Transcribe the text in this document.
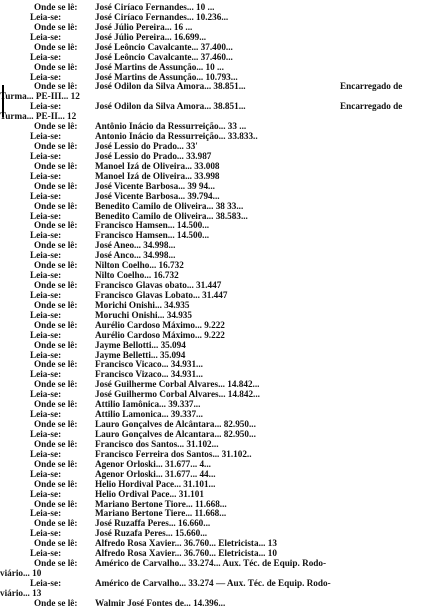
Onde se lê: José Ciríaco Fernandes... 10 ...
Leia-se:	José Ciríaco Fernandes... 10.236...
Onde se lê: José Júlio Pereira... 16 ...
Leia-se:	José Júlio Pereira... 16.699...
Onde se lê: José Leôncio Cavalcante... 37.400...
Leia-se:	José Leôncio Cavalcante... 37.460...
Onde se lê: José Martins de Assunção... 10 ...
Leia-se:	José Martins de Assunção... 10.793...
Onde se lê: José Odilon da Silva Amora... 38.851...	Encarregado de
Turma... PE-III... 12
Leia-se:	José Odilon da Silva Amora... 38.851...	Encarregado de
Turma... PE-II... 12
Onde se lê: Antônio Inácio da Ressurreição... 33 ...
Leia-se:	Antonio Inácio da Ressurreição... 33.833..
Onde se lê: José Lessio do Prado... 33'
Leia-se:	José Lessio do Prado... 33.987
Onde se lê: Manoel Izá de Oliveira... 33.008
Leia-se:	Manoel Izá de Oliveira... 33.998
Onde se lê: José Vicente Barbosa... 39 94...
Leia-se:	José Vicente Barbosa... 39.794...
Onde se lê: Benedito Camilo de Oliveira... 38 33...
Leia-se:	Benedito Camilo de Oliveira... 38.583...
Onde se lê: Francisco Hamsen... 14.500...
Leia-se:	Francisco Hamsen... 14.500...
Onde se lê: José Aneo... 34.998...
Leia-se:	José Anco... 34.998...
Onde se lê: Nilton Coelho... 16.732
Leia-se:	Nilto Coelho... 16.732
Onde se lê: Francisco Glavas obato... 31.447
Leia-se:	Francisco Glavas Lobato... 31.447
Onde se lê: Morichi Onishi... 34.935
Leia-se:	Moruchi Onishi... 34.935
Onde se lê: Aurélio Cardoso Máximo... 9.222
Leia-se:	Aurélio Cardoso Máximo... 9.222
Onde se lê: Jayme Bellotti... 35.094
Leia-se:	Jayme Belletti... 35.094
Onde se lê: Francisco Vicaco... 34.931...
Leia-se:	Francisco Vizaco... 34.931...
Onde se lê: José Guilherme Corbal Alvares... 14.842...
Leia-se:	José Guilhermo Corbal Alvares... 14.842...
Onde se lê: Attilio Iamônica... 39.337...
Leia-se:	Attilio Lamonica... 39.337...
Onde se lê: Lauro Gonçalves de Alcântara... 82.950...
Leia-se:	Lauro Gonçalves de Alcantara... 82.950...
Onde se lê: Francisco dos Santos... 31.102...
Leia-se:	Francisco Ferreira dos Santos... 31.102..
Onde se lê: Agenor Orloski... 31.677... 4...
Leia-se:	Agenor Orloski... 31.677... 44...
Onde se lê: Helio Hordival Pace... 31.101...
Leia-se:	Helio Ordival Pace... 31.101
Onde se lê: Mariano Bertone Tiore... 11.668...
Leia-se:	Mariano Bertone Tiere... 11.668...
Onde se lê: José Ruzaffa Peres... 16.660...
Leia-se:	José Ruzafa Peres... 15.660...
Onde se lê: Alfredo Rosa Xavier... 36.760... Eletricista... 13
Leia-se:	Alfredo Rosa Xavier... 36.760... Eletricista... 10
Onde se lê: Américo de Carvalho... 33.274... Aux. Téc. de Equip. Rodo-
viário... 10
Leia-se:	Américo de Carvalho... 33.274 — Aux. Téc. de Equip. Rodo-
viário... 13
Onde se lê: Walmir José Fontes de... 14.396...
